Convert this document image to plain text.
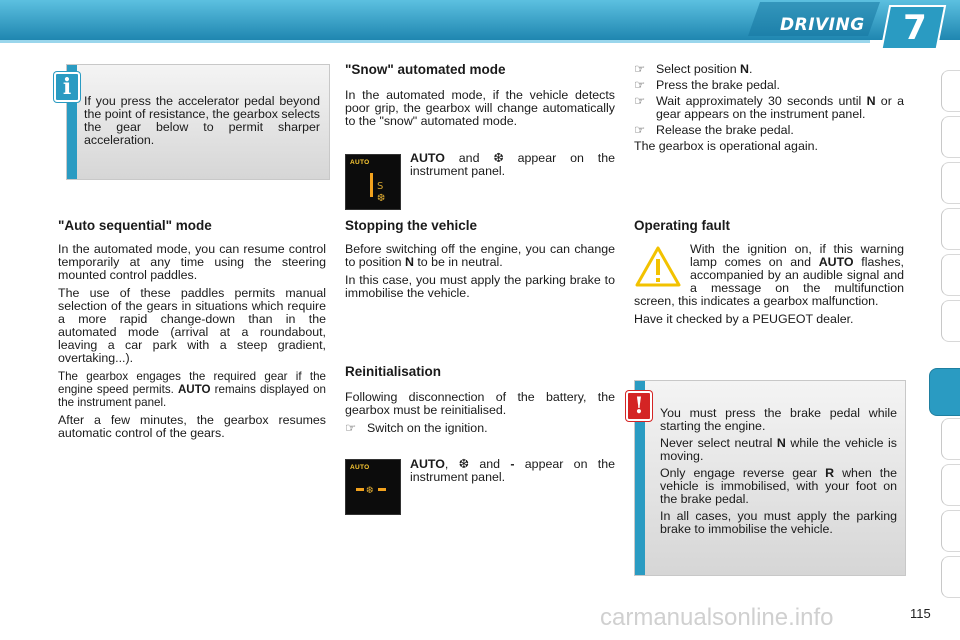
DRIVING 7

If you press the accelerator pedal beyond the point of resistance, the gearbox selects the gear below to permit sharper acceleration.

i
"Auto sequential" mode

In the automated mode, you can resume control temporarily at any time using the steering mounted control paddles.

The use of these paddles permits manual selection of the gears in situations which require a more rapid change-down than in the automated mode (arrival at a roundabout, leaving a car park with a steep gradient, overtaking...).

The gearbox engages the required gear if the engine speed permits. AUTO remains displayed on the instrument panel.

After a few minutes, the gearbox resumes automatic control of the gears.

"Snow" automated mode

In the automated mode, if the vehicle detects poor grip, the gearbox will change automatically to the "snow" automated mode.

AUTO
S
❆

AUTO and ❆ appear on the instrument panel.

Stopping the vehicle

Before switching off the engine, you can change to position N to be in neutral.

In this case, you must apply the parking brake to immobilise the vehicle.

Reinitialisation

Following disconnection of the battery, the gearbox must be reinitialised.

☞ Switch on the ignition.
AUTO
❆

AUTO, ❆ and - appear on the instrument panel.

☞ Select position N.
☞ Press the brake pedal.
☞ Wait approximately 30 seconds until N or a gear appears on the instrument panel.
☞ Release the brake pedal.

The gearbox is operational again.

Operating fault

With the ignition on, if this warning lamp comes on and AUTO flashes, accompanied by an audible signal and a message on the multifunction screen, this indicates a gearbox malfunction.

Have it checked by a PEUGEOT dealer.

You must press the brake pedal while starting the engine.

Never select neutral N while the vehicle is moving.

Only engage reverse gear R when the vehicle is immobilised, with your foot on the brake pedal.

In all cases, you must apply the parking brake to immobilise the vehicle.

!
carmanualsonline.info	115
